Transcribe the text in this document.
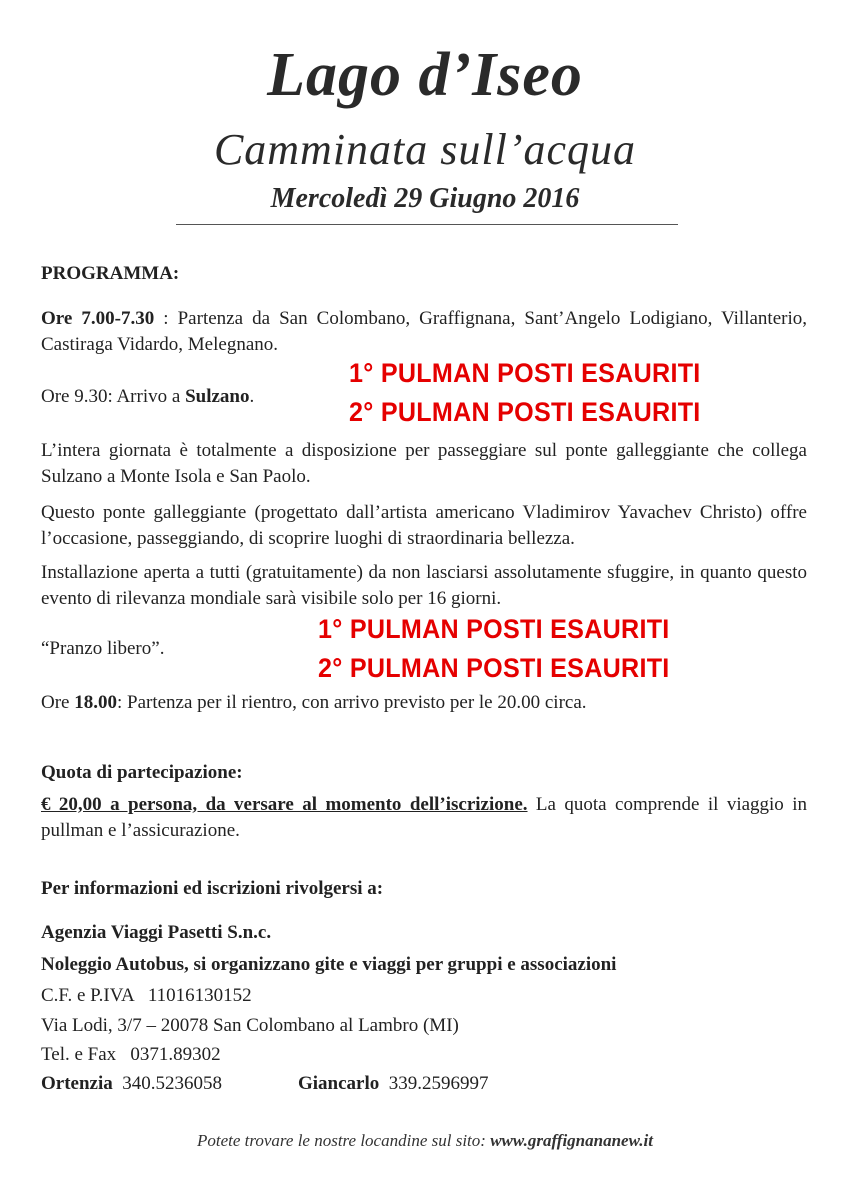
Lago d’Iseo
Camminata sull’acqua
Mercoledì 29 Giugno 2016
PROGRAMMA:
Ore 7.00-7.30 : Partenza da San Colombano, Graffignana, Sant’Angelo Lodigiano, Villanterio, Castiraga Vidardo, Melegnano.
Ore 9.30: Arrivo a Sulzano.
1° PULMAN POSTI ESAURITI
2° PULMAN POSTI ESAURITI
L’intera giornata è totalmente a disposizione per passeggiare sul ponte galleggiante che collega Sulzano a Monte Isola e San Paolo.
Questo ponte galleggiante (progettato dall’artista americano Vladimirov Yavachev Christo) offre l’occasione, passeggiando, di scoprire luoghi di straordinaria bellezza.
Installazione aperta a tutti (gratuitamente) da non lasciarsi assolutamente sfuggire, in quanto questo evento di rilevanza mondiale sarà visibile solo per 16 giorni.
“Pranzo libero”.
1° PULMAN POSTI ESAURITI
2° PULMAN POSTI ESAURITI
Ore 18.00: Partenza per il rientro, con arrivo previsto per le 20.00 circa.
Quota di partecipazione:
€ 20,00 a persona, da versare al momento dell’iscrizione. La quota comprende il viaggio in pullman e l’assicurazione.
Per informazioni ed iscrizioni rivolgersi a:
Agenzia Viaggi Pasetti S.n.c.
Noleggio Autobus, si organizzano gite e viaggi per gruppi e associazioni
C.F. e P.IVA   11016130152
Via Lodi, 3/7 – 20078 San Colombano al Lambro (MI)
Tel. e Fax   0371.89302
Ortenzia 340.5236058	Giancarlo 339.2596997
Potete trovare le nostre locandine sul sito: www.graffignananew.it
